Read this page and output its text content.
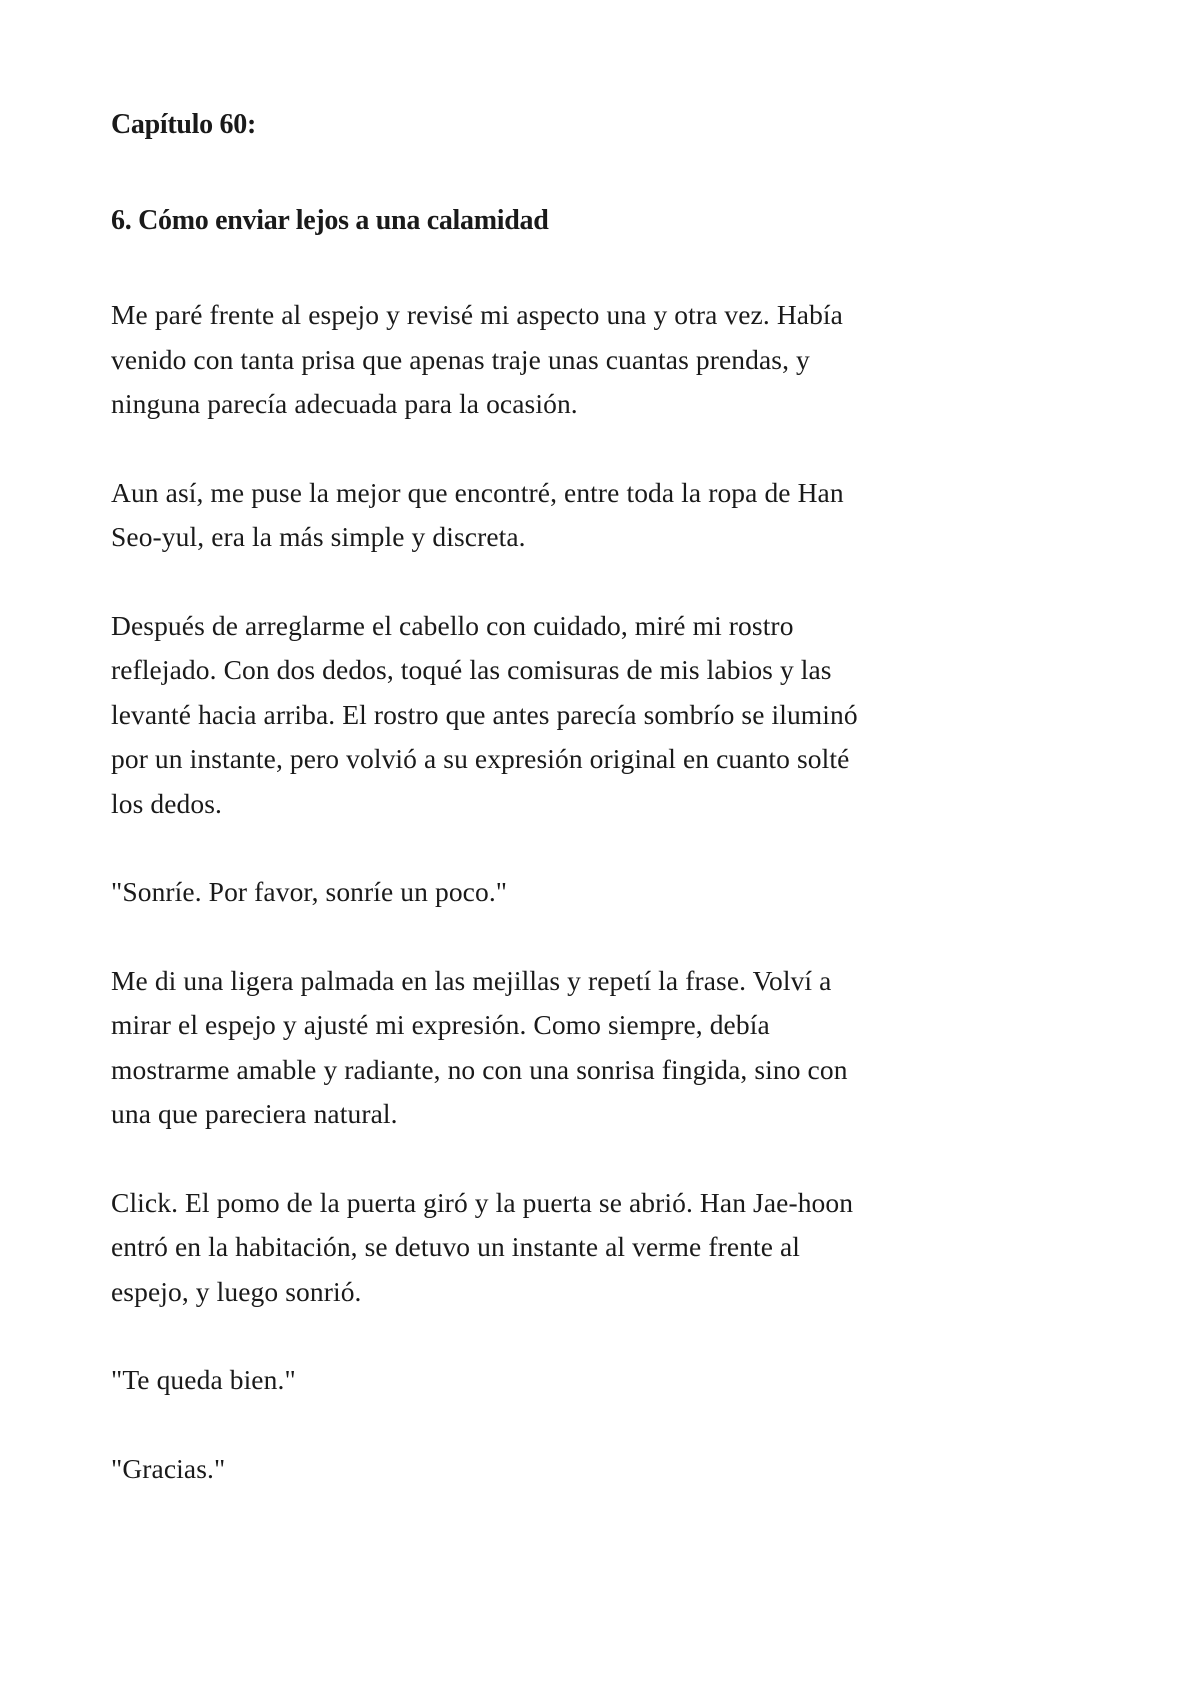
Capítulo 60:
6. Cómo enviar lejos a una calamidad

Me paré frente al espejo y revisé mi aspecto una y otra vez. Había
venido con tanta prisa que apenas traje unas cuantas prendas, y
ninguna parecía adecuada para la ocasión.

Aun así, me puse la mejor que encontré, entre toda la ropa de Han
Seo-yul, era la más simple y discreta.

Después de arreglarme el cabello con cuidado, miré mi rostro
reflejado. Con dos dedos, toqué las comisuras de mis labios y las
levanté hacia arriba. El rostro que antes parecía sombrío se iluminó
por un instante, pero volvió a su expresión original en cuanto solté
los dedos.

"Sonríe. Por favor, sonríe un poco."

Me di una ligera palmada en las mejillas y repetí la frase. Volví a
mirar el espejo y ajusté mi expresión. Como siempre, debía
mostrarme amable y radiante, no con una sonrisa fingida, sino con
una que pareciera natural.

Click. El pomo de la puerta giró y la puerta se abrió. Han Jae-hoon
entró en la habitación, se detuvo un instante al verme frente al
espejo, y luego sonrió.

"Te queda bien."

"Gracias."
